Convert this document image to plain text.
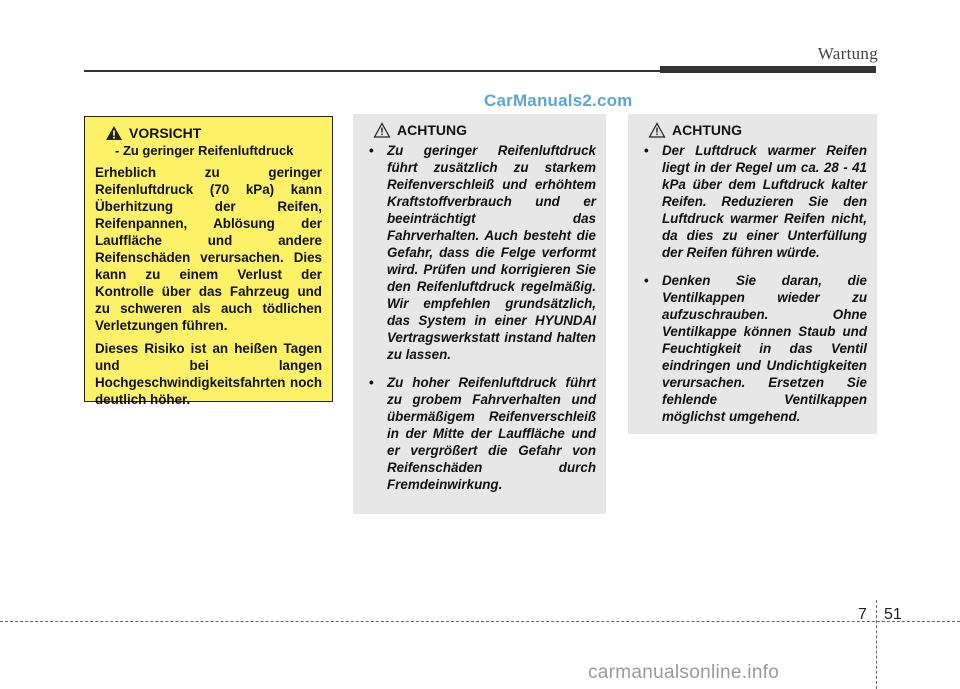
Wartung
CarManuals2.com
VORSICHT
- Zu geringer Reifenluftdruck

Erheblich zu geringer Reifenluftdruck (70 kPa) kann Überhitzung der Reifen, Reifenpannen, Ablösung der Lauffläche und andere Reifenschäden verursachen. Dies kann zu einem Verlust der Kontrolle über das Fahrzeug und zu schweren als auch tödlichen Verletzungen führen.

Dieses Risiko ist an heißen Tagen und bei langen Hochgeschwindigkeitsfahrten noch deutlich höher.

ACHTUNG
• Zu geringer Reifenluftdruck führt zusätzlich zu starkem Reifenverschleiß und erhöhtem Kraftstoffverbrauch und er beeinträchtigt das Fahrverhalten. Auch besteht die Gefahr, dass die Felge verformt wird. Prüfen und korrigieren Sie den Reifenluftdruck regelmäßig. Wir empfehlen grundsätzlich, das System in einer HYUNDAI Vertragswerkstatt instand halten zu lassen.
• Zu hoher Reifenluftdruck führt zu grobem Fahrverhalten und übermäßigem Reifenverschleiß in der Mitte der Lauffläche und er vergrößert die Gefahr von Reifenschäden durch Fremdeinwirkung.
ACHTUNG
• Der Luftdruck warmer Reifen liegt in der Regel um ca. 28 - 41 kPa über dem Luftdruck kalter Reifen. Reduzieren Sie den Luftdruck warmer Reifen nicht, da dies zu einer Unterfüllung der Reifen führen würde.
• Denken Sie daran, die Ventilkappen wieder zu aufzuschrauben. Ohne Ventilkappe können Staub und Feuchtigkeit in das Ventil eindringen und Undichtigkeiten verursachen. Ersetzen Sie fehlende Ventilkappen möglichst umgehend.
7 51
carmanualsonline.info
